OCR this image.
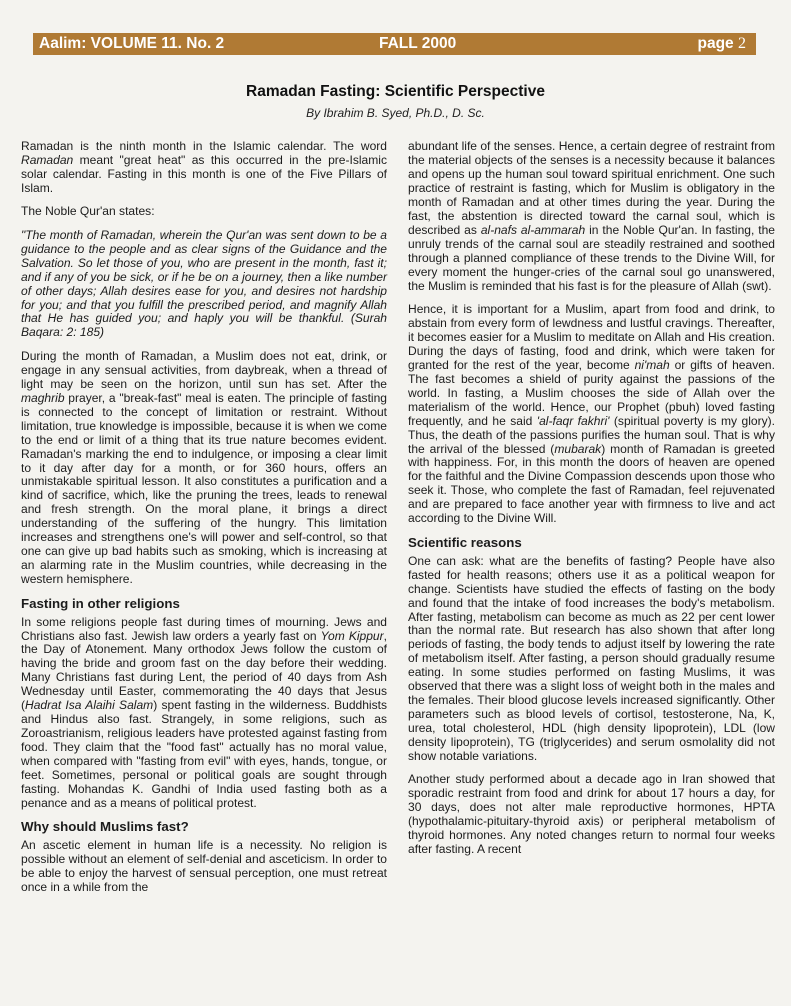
Aalim: VOLUME 11. No. 2	FALL 2000	page 2
Ramadan Fasting: Scientific Perspective
By Ibrahim B. Syed, Ph.D., D. Sc.

Ramadan is the ninth month in the Islamic calendar. The word Ramadan meant "great heat" as this occurred in the pre-Islamic solar calendar. Fasting in this month is one of the Five Pillars of Islam.

The Noble Qur'an states:

"The month of Ramadan, wherein the Qur'an was sent down to be a guidance to the people and as clear signs of the Guidance and the Salvation. So let those of you, who are present in the month, fast it; and if any of you be sick, or if he be on a journey, then a like number of other days; Allah desires ease for you, and desires not hardship for you; and that you fulfill the prescribed period, and magnify Allah that He has guided you; and haply you will be thankful. (Surah Baqara: 2: 185)

During the month of Ramadan, a Muslim does not eat, drink, or engage in any sensual activities, from daybreak, when a thread of light may be seen on the horizon, until sun has set. After the maghrib prayer, a "break-fast" meal is eaten. The principle of fasting is connected to the concept of limitation or restraint. Without limitation, true knowledge is impossible, because it is when we come to the end or limit of a thing that its true nature becomes evident. Ramadan's marking the end to indulgence, or imposing a clear limit to it day after day for a month, or for 360 hours, offers an unmistakable spiritual lesson. It also constitutes a purification and a kind of sacrifice, which, like the pruning the trees, leads to renewal and fresh strength. On the moral plane, it brings a direct understanding of the suffering of the hungry. This limitation increases and strengthens one's will power and self-control, so that one can give up bad habits such as smoking, which is increasing at an alarming rate in the Muslim countries, while decreasing in the western hemisphere.

Fasting in other religions

In some religions people fast during times of mourning. Jews and Christians also fast. Jewish law orders a yearly fast on Yom Kippur, the Day of Atonement. Many orthodox Jews follow the custom of having the bride and groom fast on the day before their wedding. Many Christians fast during Lent, the period of 40 days from Ash Wednesday until Easter, commemorating the 40 days that Jesus (Hadrat Isa Alaihi Salam) spent fasting in the wilderness. Buddhists and Hindus also fast. Strangely, in some religions, such as Zoroastrianism, religious leaders have protested against fasting from food. They claim that the "food fast" actually has no moral value, when compared with "fasting from evil" with eyes, hands, tongue, or feet. Sometimes, personal or political goals are sought through fasting. Mohandas K. Gandhi of India used fasting both as a penance and as a means of political protest.

Why should Muslims fast?

An ascetic element in human life is a necessity. No religion is possible without an element of self-denial and asceticism. In order to be able to enjoy the harvest of sensual perception, one must retreat once in a while from the

abundant life of the senses. Hence, a certain degree of restraint from the material objects of the senses is a necessity because it balances and opens up the human soul toward spiritual enrichment. One such practice of restraint is fasting, which for Muslim is obligatory in the month of Ramadan and at other times during the year. During the fast, the abstention is directed toward the carnal soul, which is described as al-nafs al-ammarah in the Noble Qur'an. In fasting, the unruly trends of the carnal soul are steadily restrained and soothed through a planned compliance of these trends to the Divine Will, for every moment the hunger-cries of the carnal soul go unanswered, the Muslim is reminded that his fast is for the pleasure of Allah (swt).

Hence, it is important for a Muslim, apart from food and drink, to abstain from every form of lewdness and lustful cravings. Thereafter, it becomes easier for a Muslim to meditate on Allah and His creation. During the days of fasting, food and drink, which were taken for granted for the rest of the year, become ni'mah or gifts of heaven. The fast becomes a shield of purity against the passions of the world. In fasting, a Muslim chooses the side of Allah over the materialism of the world. Hence, our Prophet (pbuh) loved fasting frequently, and he said 'al-faqr fakhri' (spiritual poverty is my glory). Thus, the death of the passions purifies the human soul. That is why the arrival of the blessed (mubarak) month of Ramadan is greeted with happiness. For, in this month the doors of heaven are opened for the faithful and the Divine Compassion descends upon those who seek it. Those, who complete the fast of Ramadan, feel rejuvenated and are prepared to face another year with firmness to live and act according to the Divine Will.

Scientific reasons

One can ask: what are the benefits of fasting? People have also fasted for health reasons; others use it as a political weapon for change. Scientists have studied the effects of fasting on the body and found that the intake of food increases the body's metabolism. After fasting, metabolism can become as much as 22 per cent lower than the normal rate. But research has also shown that after long periods of fasting, the body tends to adjust itself by lowering the rate of metabolism itself. After fasting, a person should gradually resume eating. In some studies performed on fasting Muslims, it was observed that there was a slight loss of weight both in the males and the females. Their blood glucose levels increased significantly. Other parameters such as blood levels of cortisol, testosterone, Na, K, urea, total cholesterol, HDL (high density lipoprotein), LDL (low density lipoprotein), TG (triglycerides) and serum osmolality did not show notable variations.

Another study performed about a decade ago in Iran showed that sporadic restraint from food and drink for about 17 hours a day, for 30 days, does not alter male reproductive hormones, HPTA (hypothalamic-pituitary-thyroid axis) or peripheral metabolism of thyroid hormones. Any noted changes return to normal four weeks after fasting. A recent
